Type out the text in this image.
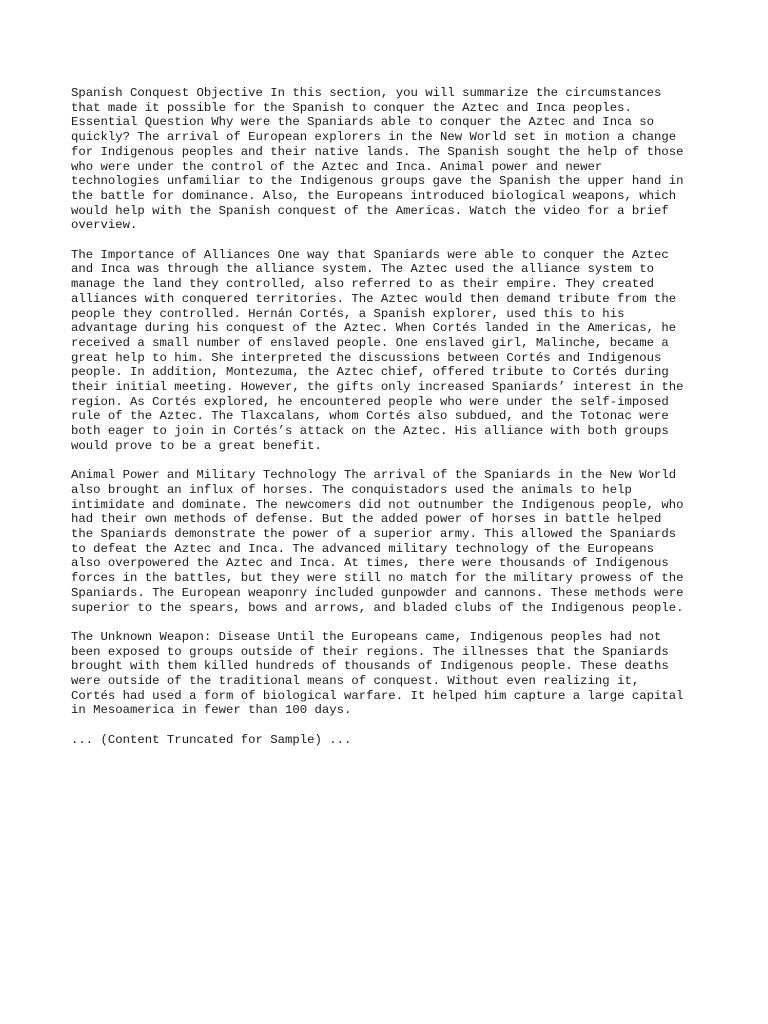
Spanish Conquest Objective In this section, you will summarize the circumstances
that made it possible for the Spanish to conquer the Aztec and Inca peoples.
Essential Question Why were the Spaniards able to conquer the Aztec and Inca so
quickly? The arrival of European explorers in the New World set in motion a change
for Indigenous peoples and their native lands. The Spanish sought the help of those
who were under the control of the Aztec and Inca. Animal power and newer
technologies unfamiliar to the Indigenous groups gave the Spanish the upper hand in
the battle for dominance. Also, the Europeans introduced biological weapons, which
would help with the Spanish conquest of the Americas. Watch the video for a brief
overview.

The Importance of Alliances One way that Spaniards were able to conquer the Aztec
and Inca was through the alliance system. The Aztec used the alliance system to
manage the land they controlled, also referred to as their empire. They created
alliances with conquered territories. The Aztec would then demand tribute from the
people they controlled. Hernán Cortés, a Spanish explorer, used this to his
advantage during his conquest of the Aztec. When Cortés landed in the Americas, he
received a small number of enslaved people. One enslaved girl, Malinche, became a
great help to him. She interpreted the discussions between Cortés and Indigenous
people. In addition, Montezuma, the Aztec chief, offered tribute to Cortés during
their initial meeting. However, the gifts only increased Spaniards’ interest in the
region. As Cortés explored, he encountered people who were under the self-imposed
rule of the Aztec. The Tlaxcalans, whom Cortés also subdued, and the Totonac were
both eager to join in Cortés’s attack on the Aztec. His alliance with both groups
would prove to be a great benefit.

Animal Power and Military Technology The arrival of the Spaniards in the New World
also brought an influx of horses. The conquistadors used the animals to help
intimidate and dominate. The newcomers did not outnumber the Indigenous people, who
had their own methods of defense. But the added power of horses in battle helped
the Spaniards demonstrate the power of a superior army. This allowed the Spaniards
to defeat the Aztec and Inca. The advanced military technology of the Europeans
also overpowered the Aztec and Inca. At times, there were thousands of Indigenous
forces in the battles, but they were still no match for the military prowess of the
Spaniards. The European weaponry included gunpowder and cannons. These methods were
superior to the spears, bows and arrows, and bladed clubs of the Indigenous people.

The Unknown Weapon: Disease Until the Europeans came, Indigenous peoples had not
been exposed to groups outside of their regions. The illnesses that the Spaniards
brought with them killed hundreds of thousands of Indigenous people. These deaths
were outside of the traditional means of conquest. Without even realizing it,
Cortés had used a form of biological warfare. It helped him capture a large capital
in Mesoamerica in fewer than 100 days.

... (Content Truncated for Sample) ...
